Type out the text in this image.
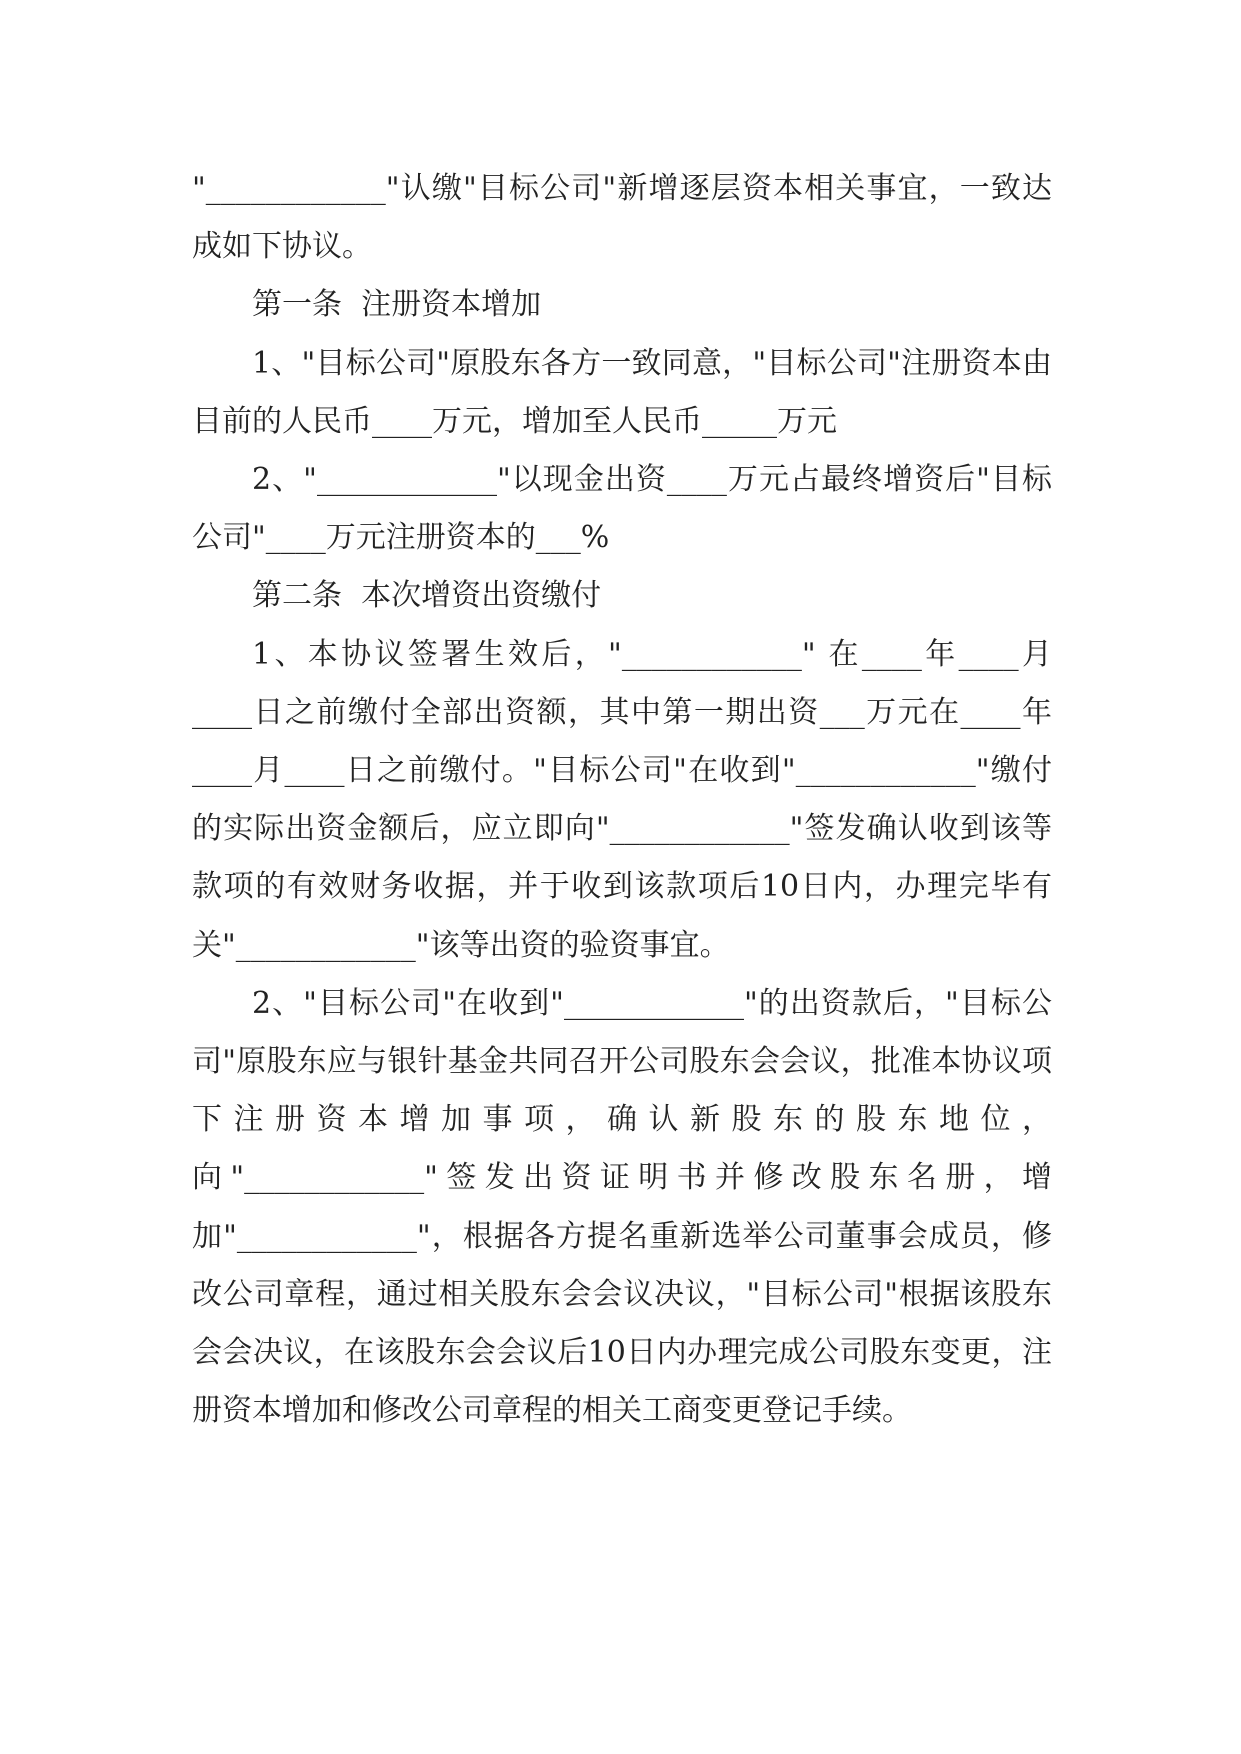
"____________"认缴"目标公司"新增逐层资本相关事宜，一致达成如下协议。

第一条  注册资本增加

1、"目标公司"原股东各方一致同意，"目标公司"注册资本由目前的人民币____万元，增加至人民币_____万元

2、"____________"以现金出资____万元占最终增资后"目标公司"____万元注册资本的___%

第二条  本次增资出资缴付

1、本协议签署生效后，"____________" 在____年____月____日之前缴付全部出资额，其中第一期出资___万元在____年____月____日之前缴付。"目标公司"在收到"____________"缴付的实际出资金额后，应立即向"____________"签发确认收到该等款项的有效财务收据，并于收到该款项后10日内，办理完毕有关"____________"该等出资的验资事宜。

2、"目标公司"在收到"____________"的出资款后，"目标公司"原股东应与银针基金共同召开公司股东会会议，批准本协议项下注册资本增加事项，确认新股东的股东地位，向"____________"签发出资证明书并修改股东名册，增加"____________"，根据各方提名重新选举公司董事会成员，修改公司章程，通过相关股东会会议决议，"目标公司"根据该股东会会决议，在该股东会会议后10日内办理完成公司股东变更，注册资本增加和修改公司章程的相关工商变更登记手续。
